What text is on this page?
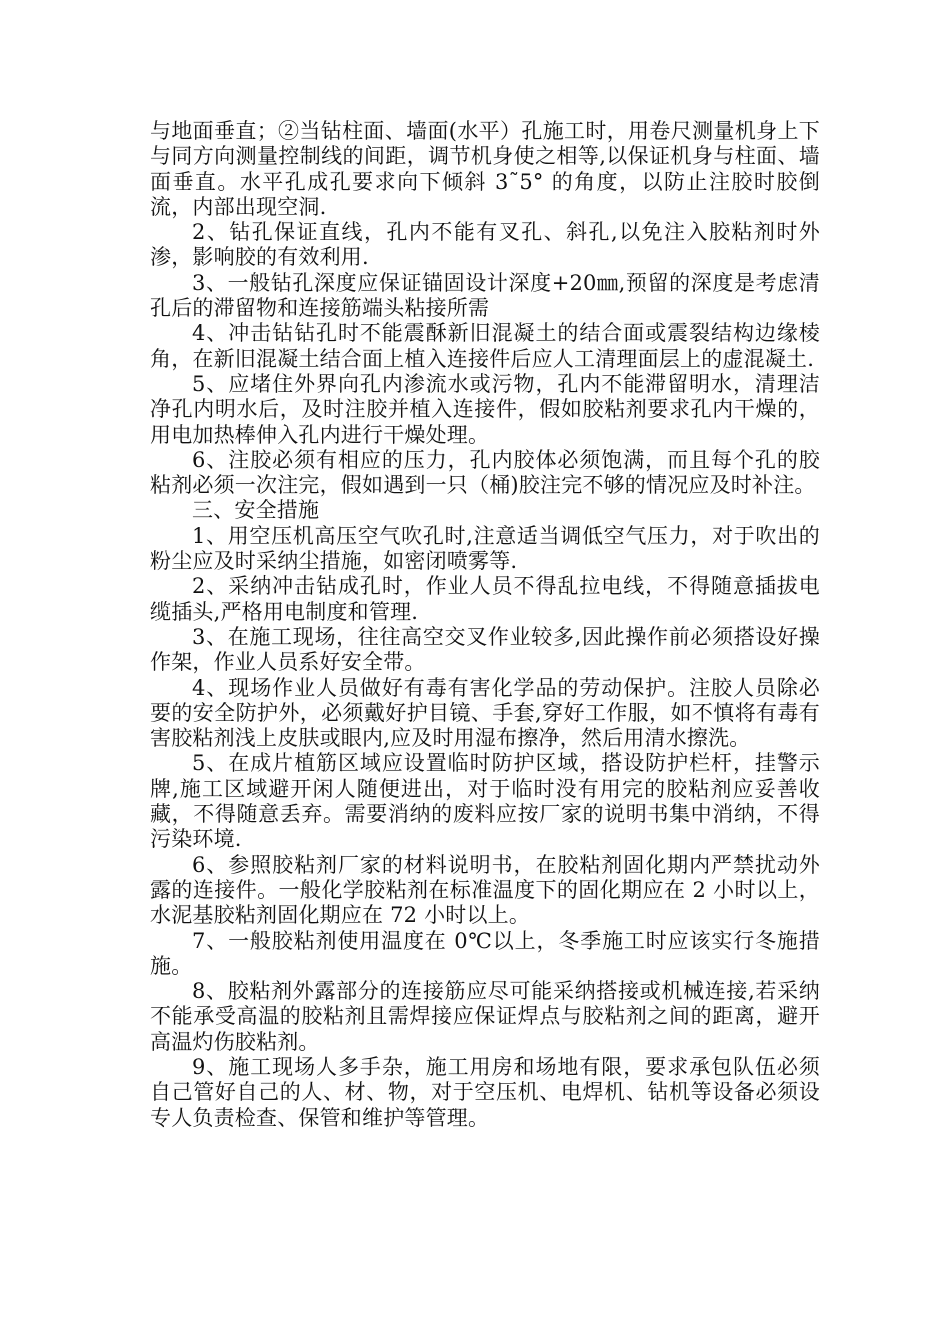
与地面垂直；②当钻柱面、墙面(水平）孔施工时，用卷尺测量机身上下与同方向测量控制线的间距，调节机身使之相等,以保证机身与柱面、墙面垂直。水平孔成孔要求向下倾斜 3˜5° 的角度，以防止注胶时胶倒流，内部出现空洞.

2、钻孔保证直线，孔内不能有叉孔、斜孔,以免注入胶粘剂时外渗，影响胶的有效利用.

3、一般钻孔深度应保证锚固设计深度+20㎜,预留的深度是考虑清孔后的滞留物和连接筋端头粘接所需

4、冲击钻钻孔时不能震酥新旧混凝土的结合面或震裂结构边缘棱角，在新旧混凝土结合面上植入连接件后应人工清理面层上的虚混凝土.

5、应堵住外界向孔内渗流水或污物，孔内不能滞留明水，清理洁净孔内明水后，及时注胶并植入连接件，假如胶粘剂要求孔内干燥的，用电加热棒伸入孔内进行干燥处理。

6、注胶必须有相应的压力，孔内胶体必须饱满，而且每个孔的胶粘剂必须一次注完，假如遇到一只（桶)胶注完不够的情况应及时补注。

三、安全措施

1、用空压机高压空气吹孔时,注意适当调低空气压力，对于吹出的粉尘应及时采纳尘措施，如密闭喷雾等.

2、采纳冲击钻成孔时，作业人员不得乱拉电线，不得随意插拔电缆插头,严格用电制度和管理.

3、在施工现场，往往高空交叉作业较多,因此操作前必须搭设好操作架，作业人员系好安全带。

4、现场作业人员做好有毒有害化学品的劳动保护。注胶人员除必要的安全防护外，必须戴好护目镜、手套,穿好工作服，如不慎将有毒有害胶粘剂浅上皮肤或眼内,应及时用湿布擦净，然后用清水擦洗。

5、在成片植筋区域应设置临时防护区域，搭设防护栏杆，挂警示牌,施工区域避开闲人随便进出，对于临时没有用完的胶粘剂应妥善收藏，不得随意丢弃。需要消纳的废料应按厂家的说明书集中消纳，不得污染环境.

6、参照胶粘剂厂家的材料说明书，在胶粘剂固化期内严禁扰动外露的连接件。一般化学胶粘剂在标准温度下的固化期应在 2 小时以上，水泥基胶粘剂固化期应在 72 小时以上。

7、一般胶粘剂使用温度在 0℃以上，冬季施工时应该实行冬施措施。

8、胶粘剂外露部分的连接筋应尽可能采纳搭接或机械连接,若采纳不能承受高温的胶粘剂且需焊接应保证焊点与胶粘剂之间的距离，避开高温灼伤胶粘剂。

9、施工现场人多手杂，施工用房和场地有限，要求承包队伍必须自己管好自己的人、材、物，对于空压机、电焊机、钻机等设备必须设专人负责检查、保管和维护等管理。
